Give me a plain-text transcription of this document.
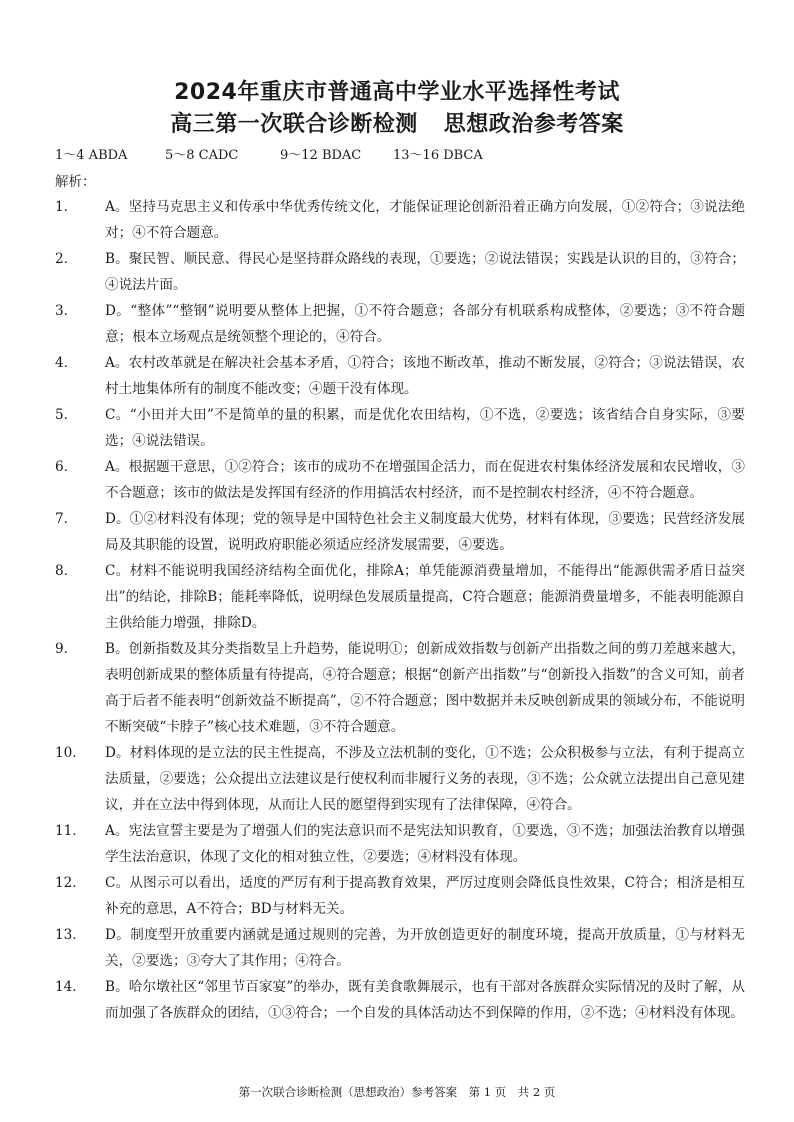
2024年重庆市普通高中学业水平选择性考试
高三第一次联合诊断检测 思想政治参考答案
1～4 ABDA	5～8 CADC	9～12 BDAC 13～16 DBCA
解析：
1．	A。坚持马克思主义和传承中华优秀传统文化，才能保证理论创新沿着正确方向发展，①②符合；③说法绝对；④不符合题意。
2．	B。聚民智、顺民意、得民心是坚持群众路线的表现，①要选；②说法错误；实践是认识的目的，③符合；④说法片面。
3．	D。“整体”“整钢”说明要从整体上把握，①不符合题意；各部分有机联系构成整体，②要选；③不符合题意；根本立场观点是统领整个理论的，④符合。
4．	A。农村改革就是在解决社会基本矛盾，①符合；该地不断改革，推动不断发展，②符合；③说法错误，农村土地集体所有的制度不能改变；④题干没有体现。
5．	C。“小田并大田”不是简单的量的积累，而是优化农田结构，①不选，②要选；该省结合自身实际，③要选；④说法错误。
6．	A。根据题干意思，①②符合；该市的成功不在增强国企活力，而在促进农村集体经济发展和农民增收，③不合题意；该市的做法是发挥国有经济的作用搞活农村经济，而不是控制农村经济，④不符合题意。
7．	D。①②材料没有体现；党的领导是中国特色社会主义制度最大优势，材料有体现，③要选；民营经济发展局及其职能的设置，说明政府职能必须适应经济发展需要，④要选。
8．	C。材料不能说明我国经济结构全面优化，排除A；单凭能源消费量增加，不能得出“能源供需矛盾日益突出”的结论，排除B；能耗率降低，说明绿色发展质量提高，C符合题意；能源消费量增多，不能表明能源自主供给能力增强，排除D。
9．	B。创新指数及其分类指数呈上升趋势，能说明①；创新成效指数与创新产出指数之间的剪刀差越来越大，表明创新成果的整体质量有待提高，④符合题意；根据“创新产出指数”与“创新投入指数”的含义可知，前者高于后者不能表明“创新效益不断提高”，②不符合题意；图中数据并未反映创新成果的领域分布，不能说明不断突破“卡脖子”核心技术难题，③不符合题意。
10．	D。材料体现的是立法的民主性提高，不涉及立法机制的变化，①不选；公众积极参与立法，有利于提高立法质量，②要选；公众提出立法建议是行使权利而非履行义务的表现，③不选；公众就立法提出自己意见建议，并在立法中得到体现，从而让人民的愿望得到实现有了法律保障，④符合。
11．	A。宪法宣誓主要是为了增强人们的宪法意识而不是宪法知识教育，①要选，③不选；加强法治教育以增强学生法治意识，体现了文化的相对独立性，②要选；④材料没有体现。
12．	C。从图示可以看出，适度的严厉有利于提高教育效果，严厉过度则会降低良性效果，C符合；相济是相互补充的意思，A不符合；BD与材料无关。
13．	D。制度型开放重要内涵就是通过规则的完善，为开放创造更好的制度环境，提高开放质量，①与材料无关，②要选；③夸大了其作用；④符合。
14．	B。哈尔墩社区“邻里节百家宴”的举办，既有美食歌舞展示，也有干部对各族群众实际情况的及时了解，从而加强了各族群众的团结，①③符合；一个自发的具体活动达不到保障的作用，②不选；④材料没有体现。
第一次联合诊断检测（思想政治）参考答案　第 1 页　共 2 页
